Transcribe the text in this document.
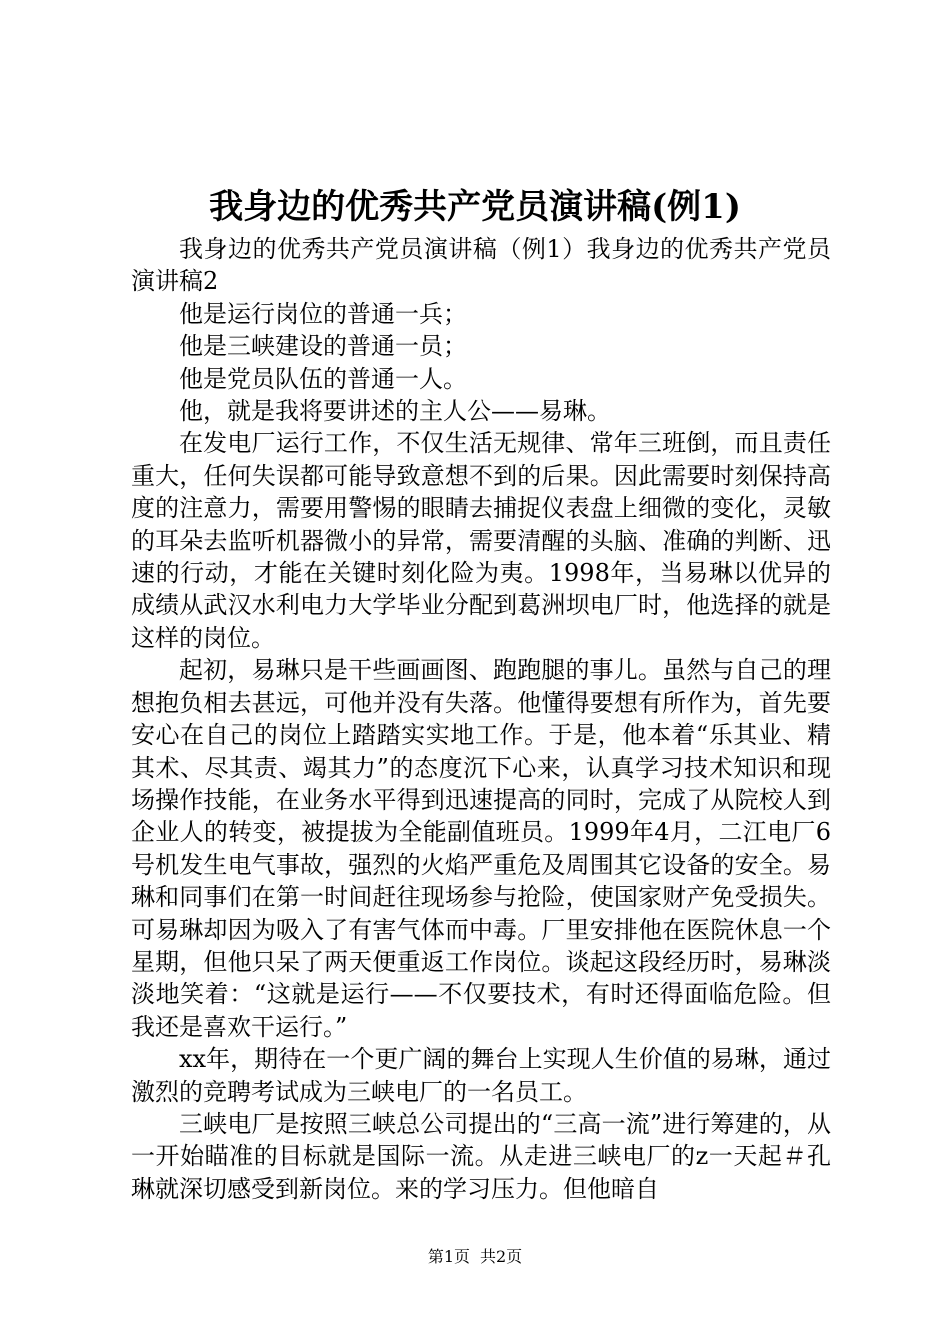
我身边的优秀共产党员演讲稿(例1)

我身边的优秀共产党员演讲稿（例1）我身边的优秀共产党员演讲稿2

他是运行岗位的普通一兵；

他是三峡建设的普通一员；

他是党员队伍的普通一人。

他，就是我将要讲述的主人公——易琳。

在发电厂运行工作，不仅生活无规律、常年三班倒，而且责任重大，任何失误都可能导致意想不到的后果。因此需要时刻保持高度的注意力，需要用警惕的眼睛去捕捉仪表盘上细微的变化，灵敏的耳朵去监听机器微小的异常，需要清醒的头脑、准确的判断、迅速的行动，才能在关键时刻化险为夷。1998年，当易琳以优异的成绩从武汉水利电力大学毕业分配到葛洲坝电厂时，他选择的就是这样的岗位。

起初，易琳只是干些画画图、跑跑腿的事儿。虽然与自己的理想抱负相去甚远，可他并没有失落。他懂得要想有所作为，首先要安心在自己的岗位上踏踏实实地工作。于是，他本着“乐其业、精其术、尽其责、竭其力”的态度沉下心来，认真学习技术知识和现场操作技能，在业务水平得到迅速提高的同时，完成了从院校人到企业人的转变，被提拔为全能副值班员。1999年4月，二江电厂6号机发生电气事故，强烈的火焰严重危及周围其它设备的安全。易琳和同事们在第一时间赶往现场参与抢险，使国家财产免受损失。可易琳却因为吸入了有害气体而中毒。厂里安排他在医院休息一个星期，但他只呆了两天便重返工作岗位。谈起这段经历时，易琳淡淡地笑着：“这就是运行——不仅要技术，有时还得面临危险。但我还是喜欢干运行。”

xx年，期待在一个更广阔的舞台上实现人生价值的易琳，通过激烈的竞聘考试成为三峡电厂的一名员工。

三峡电厂是按照三峡总公司提出的“三高一流”进行筹建的，从一开始瞄准的目标就是国际一流。从走进三峡电厂的z一天起＃孔琳就深切感受到新岗位。来的学习压力。但他暗自

第1页 共2页
